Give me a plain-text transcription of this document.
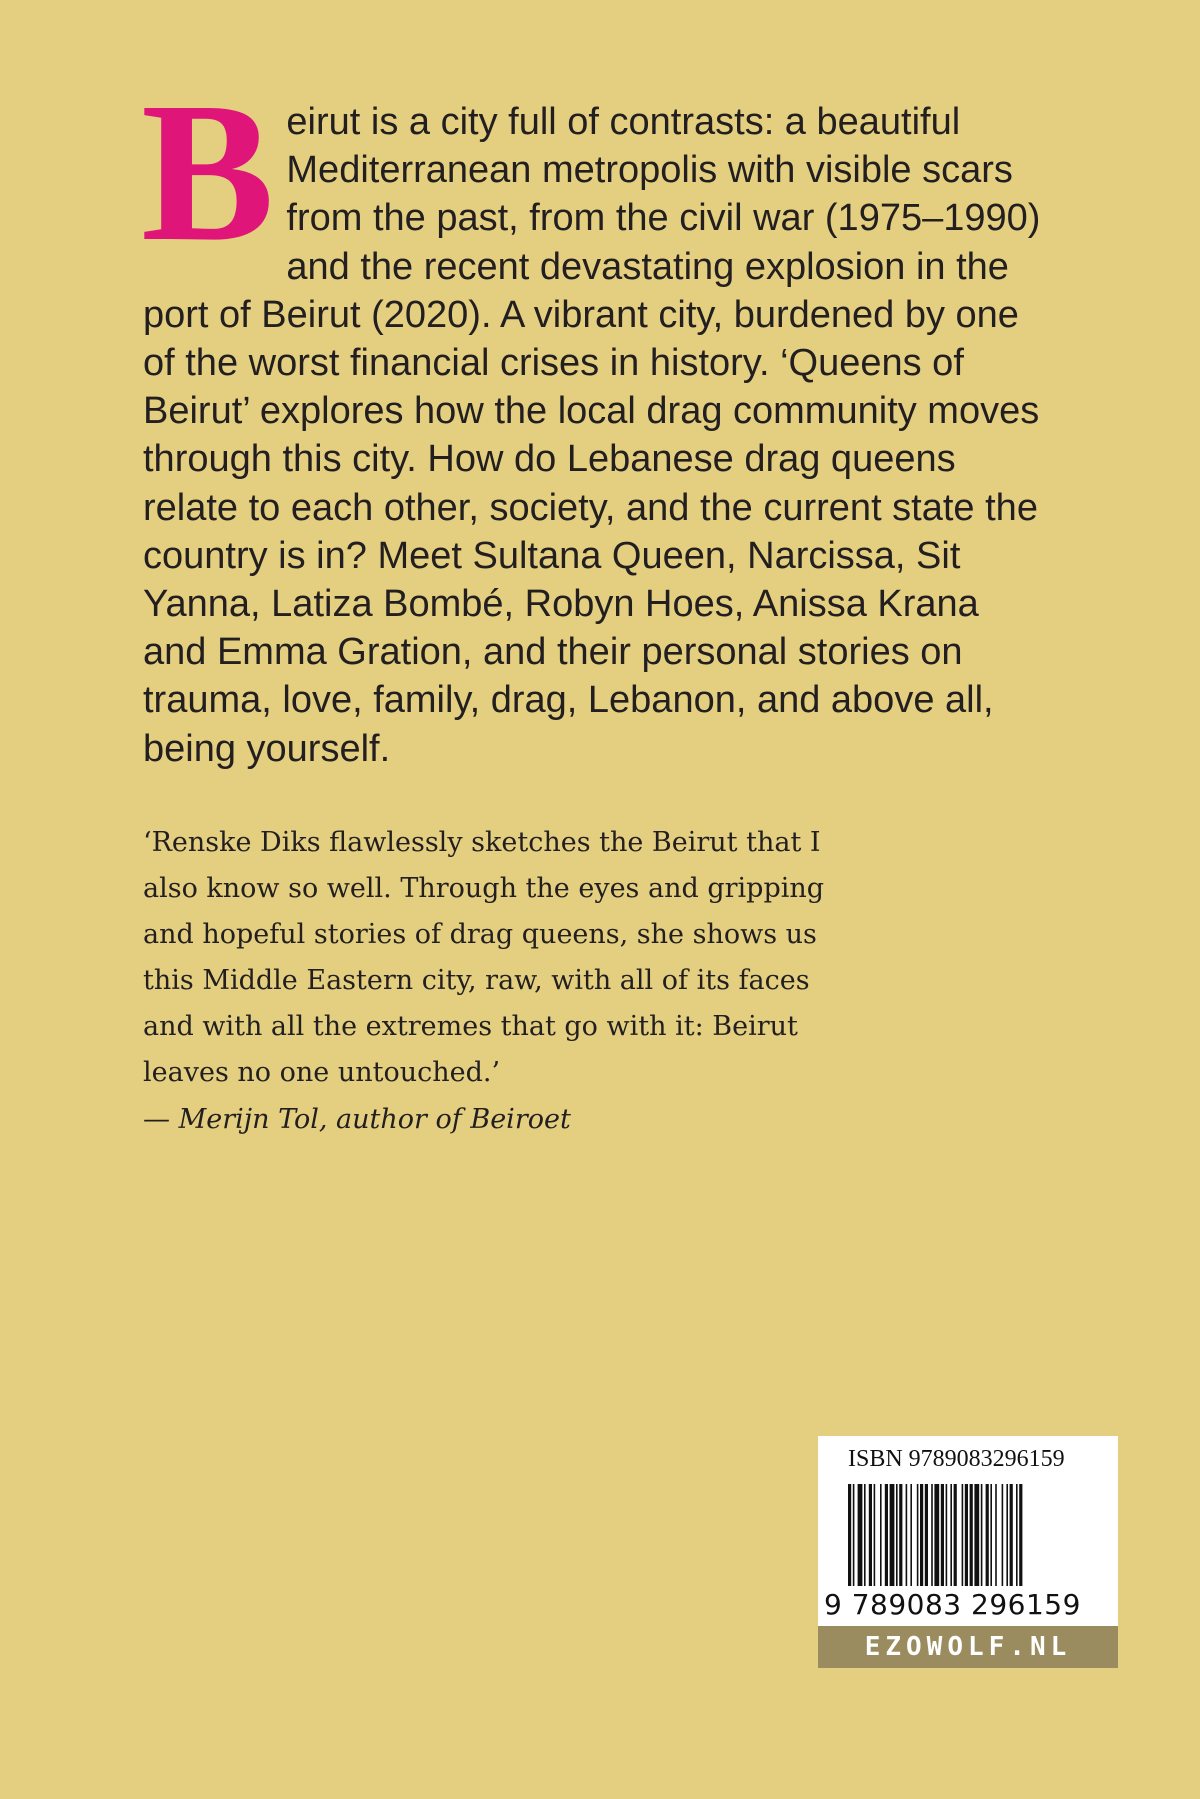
Beirut is a city full of contrasts: a beautiful Mediterranean metropolis with visible scars from the past, from the civil war (1975–1990) and the recent devastating explosion in the port of Beirut (2020). A vibrant city, burdened by one of the worst financial crises in history. ‘Queens of Beirut’ explores how the local drag community moves through this city. How do Lebanese drag queens relate to each other, society, and the current state the country is in? Meet Sultana Queen, Narcissa, Sit Yanna, Latiza Bombé, Robyn Hoes, Anissa Krana and Emma Gration, and their personal stories on trauma, love, family, drag, Lebanon, and above all, being yourself.

‘Renske Diks flawlessly sketches the Beirut that I also know so well. Through the eyes and gripping and hopeful stories of drag queens, she shows us this Middle Eastern city, raw, with all of its faces and with all the extremes that go with it: Beirut leaves no one untouched.’

— Merijn Tol, author of Beiroet

ISBN 9789083296159
9 789083 296159
EZOWOLF.NL
